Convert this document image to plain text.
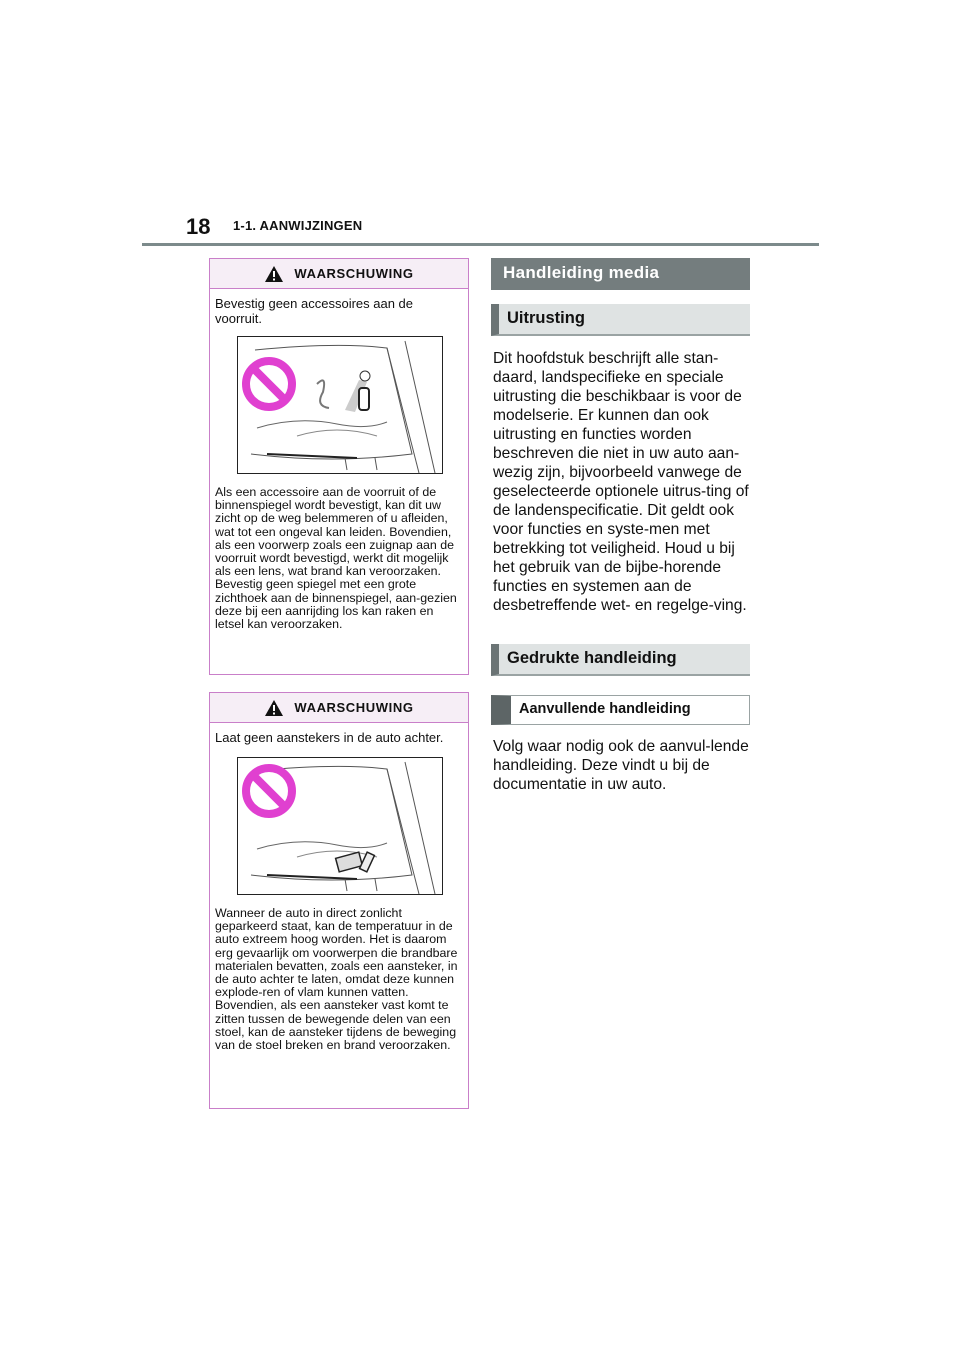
18 1-1. AANWIJZINGEN
WAARSCHUWING
Bevestig geen accessoires aan de voorruit.
Als een accessoire aan de voorruit of de binnenspiegel wordt bevestigt, kan dit uw zicht op de weg belemmeren of u afleiden, wat tot een ongeval kan leiden. Bovendien, als een voorwerp zoals een zuignap aan de voorruit wordt bevestigd, werkt dit mogelijk als een lens, wat brand kan veroorzaken. Bevestig geen spiegel met een grote zichthoek aan de binnenspiegel, aan-gezien deze bij een aanrijding los kan raken en letsel kan veroorzaken.
WAARSCHUWING
Laat geen aanstekers in de auto achter.
Wanneer de auto in direct zonlicht geparkeerd staat, kan de temperatuur in de auto extreem hoog worden. Het is daarom erg gevaarlijk om voorwerpen die brandbare materialen bevatten, zoals een aansteker, in de auto achter te laten, omdat deze kunnen explode-ren of vlam kunnen vatten. Bovendien, als een aansteker vast komt te zitten tussen de bewegende delen van een stoel, kan de aansteker tijdens de beweging van de stoel breken en brand veroorzaken.
Handleiding media
Uitrusting
Dit hoofdstuk beschrijft alle stan-daard, landspecifieke en speciale uitrusting die beschikbaar is voor de modelserie. Er kunnen dan ook uitrusting en functies worden beschreven die niet in uw auto aan-wezig zijn, bijvoorbeeld vanwege de geselecteerde optionele uitrus-ting of de landenspecificatie. Dit geldt ook voor functies en syste-men met betrekking tot veiligheid. Houd u bij het gebruik van de bijbe-horende functies en systemen aan de desbetreffende wet- en regelge-ving.
Gedrukte handleiding
Aanvullende handleiding
Volg waar nodig ook de aanvul-lende handleiding. Deze vindt u bij de documentatie in uw auto.
